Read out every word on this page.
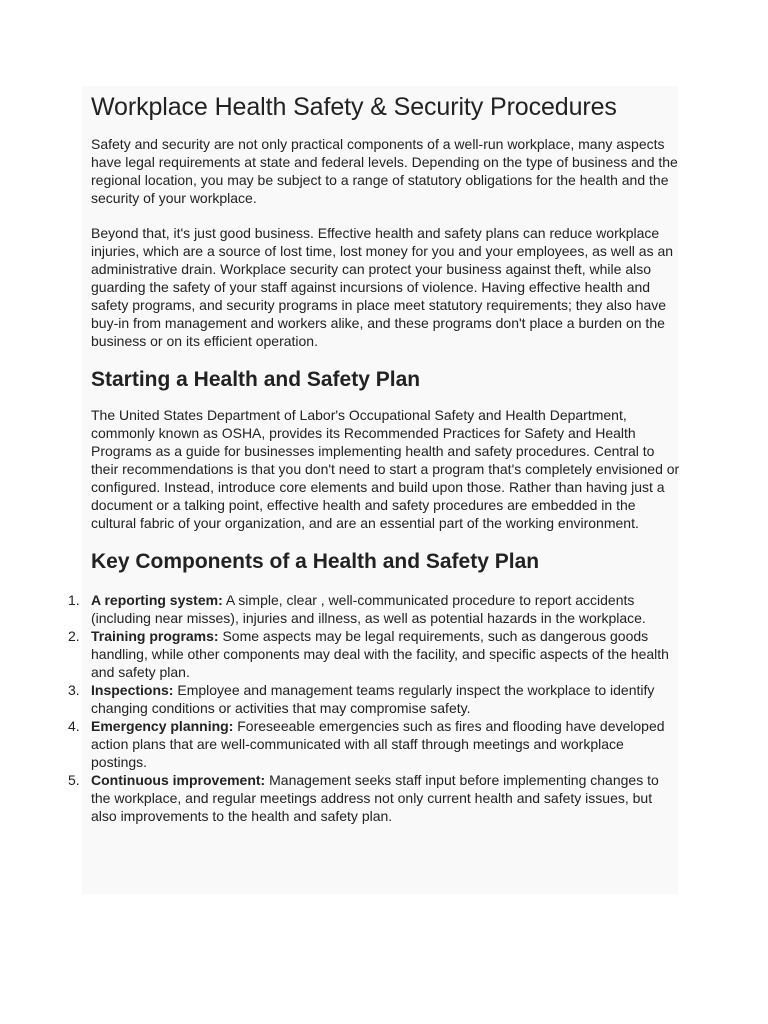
Workplace Health Safety & Security Procedures

Safety and security are not only practical components of a well-run workplace, many aspects have legal requirements at state and federal levels. Depending on the type of business and the regional location, you may be subject to a range of statutory obligations for the health and the security of your workplace.

Beyond that, it's just good business. Effective health and safety plans can reduce workplace injuries, which are a source of lost time, lost money for you and your employees, as well as an administrative drain. Workplace security can protect your business against theft, while also guarding the safety of your staff against incursions of violence. Having effective health and safety programs, and security programs in place meet statutory requirements; they also have buy-in from management and workers alike, and these programs don't place a burden on the business or on its efficient operation.

Starting a Health and Safety Plan

The United States Department of Labor's Occupational Safety and Health Department, commonly known as OSHA, provides its Recommended Practices for Safety and Health Programs as a guide for businesses implementing health and safety procedures. Central to their recommendations is that you don't need to start a program that's completely envisioned or configured. Instead, introduce core elements and build upon those. Rather than having just a document or a talking point, effective health and safety procedures are embedded in the cultural fabric of your organization, and are an essential part of the working environment.

Key Components of a Health and Safety Plan
1. A reporting system: A simple, clear , well-communicated procedure to report accidents (including near misses), injuries and illness, as well as potential hazards in the workplace.
2. Training programs: Some aspects may be legal requirements, such as dangerous goods handling, while other components may deal with the facility, and specific aspects of the health and safety plan.
3. Inspections: Employee and management teams regularly inspect the workplace to identify changing conditions or activities that may compromise safety.
4. Emergency planning: Foreseeable emergencies such as fires and flooding have developed action plans that are well-communicated with all staff through meetings and workplace postings.
5. Continuous improvement: Management seeks staff input before implementing changes to the workplace, and regular meetings address not only current health and safety issues, but also improvements to the health and safety plan.
